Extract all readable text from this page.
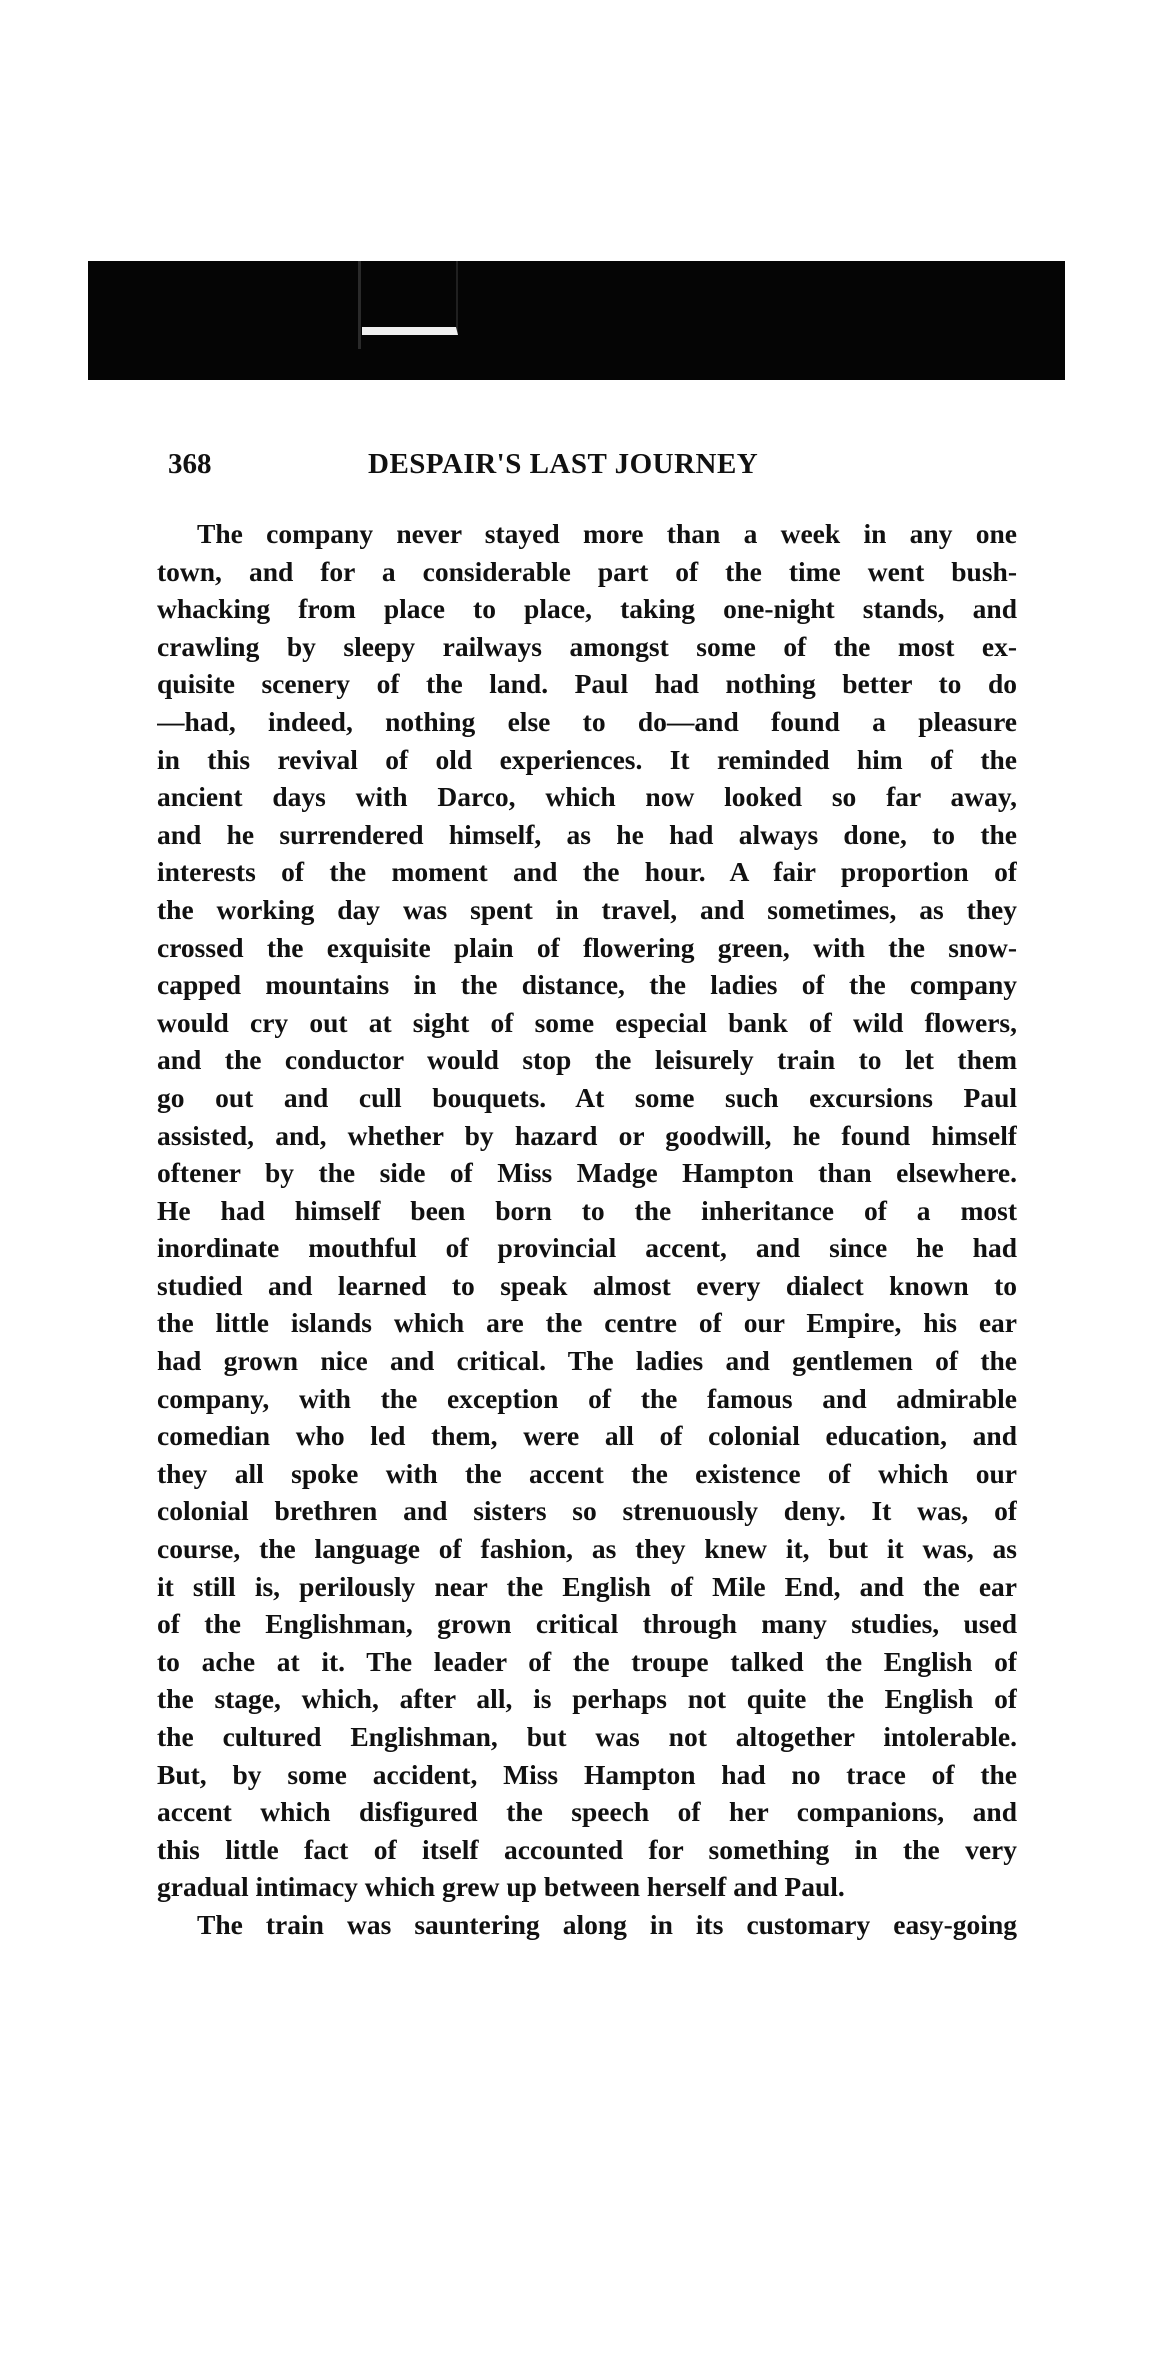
368	DESPAIR'S LAST JOURNEY
The company never stayed more than a week in any one
town, and for a considerable part of the time went bush-
whacking from place to place, taking one-night stands, and
crawling by sleepy railways amongst some of the most ex-
quisite scenery of the land. Paul had nothing better to do
—had, indeed, nothing else to do—and found a pleasure
in this revival of old experiences. It reminded him of the
ancient days with Darco, which now looked so far away,
and he surrendered himself, as he had always done, to the
interests of the moment and the hour. A fair proportion of
the working day was spent in travel, and sometimes, as they
crossed the exquisite plain of flowering green, with the snow-
capped mountains in the distance, the ladies of the company
would cry out at sight of some especial bank of wild flowers,
and the conductor would stop the leisurely train to let them
go out and cull bouquets. At some such excursions Paul
assisted, and, whether by hazard or goodwill, he found himself
oftener by the side of Miss Madge Hampton than elsewhere.
He had himself been born to the inheritance of a most
inordinate mouthful of provincial accent, and since he had
studied and learned to speak almost every dialect known to
the little islands which are the centre of our Empire, his ear
had grown nice and critical. The ladies and gentlemen of the
company, with the exception of the famous and admirable
comedian who led them, were all of colonial education, and
they all spoke with the accent the existence of which our
colonial brethren and sisters so strenuously deny. It was, of
course, the language of fashion, as they knew it, but it was, as
it still is, perilously near the English of Mile End, and the ear
of the Englishman, grown critical through many studies, used
to ache at it. The leader of the troupe talked the English of
the stage, which, after all, is perhaps not quite the English of
the cultured Englishman, but was not altogether intolerable.
But, by some accident, Miss Hampton had no trace of the
accent which disfigured the speech of her companions, and
this little fact of itself accounted for something in the very
gradual intimacy which grew up between herself and Paul.
The train was sauntering along in its customary easy-going
